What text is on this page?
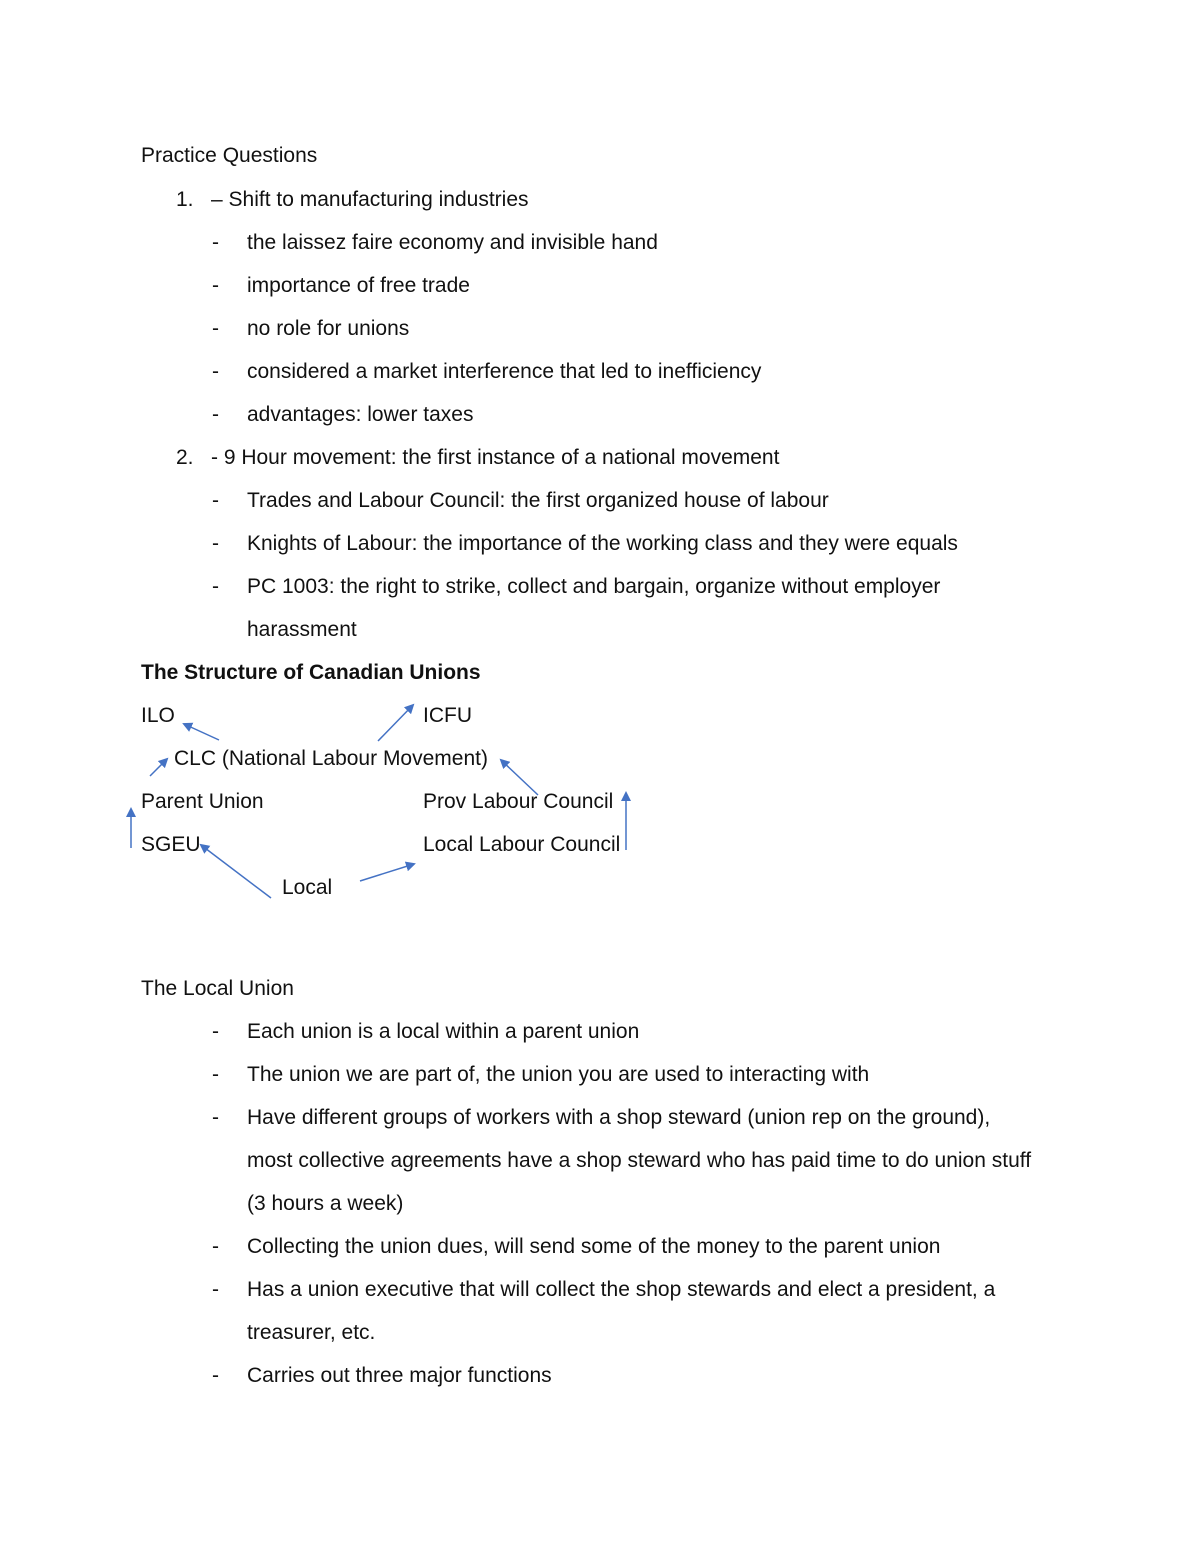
Practice Questions
1. – Shift to manufacturing industries
- the laissez faire economy and invisible hand
- importance of free trade
- no role for unions
- considered a market interference that led to inefficiency
- advantages: lower taxes
2. - 9 Hour movement: the first instance of a national movement
- Trades and Labour Council: the first organized house of labour
- Knights of Labour: the importance of the working class and they were equals
- PC 1003: the right to strike, collect and bargain, organize without employer
harassment
The Structure of Canadian Unions
ILO	ICFU
CLC (National Labour Movement)
Parent Union	Prov Labour Council
SGEU	Local Labour Council
Local
The Local Union
- Each union is a local within a parent union
- The union we are part of, the union you are used to interacting with
- Have different groups of workers with a shop steward (union rep on the ground),
most collective agreements have a shop steward who has paid time to do union stuff
(3 hours a week)
- Collecting the union dues, will send some of the money to the parent union
- Has a union executive that will collect the shop stewards and elect a president, a
treasurer, etc.
- Carries out three major functions
